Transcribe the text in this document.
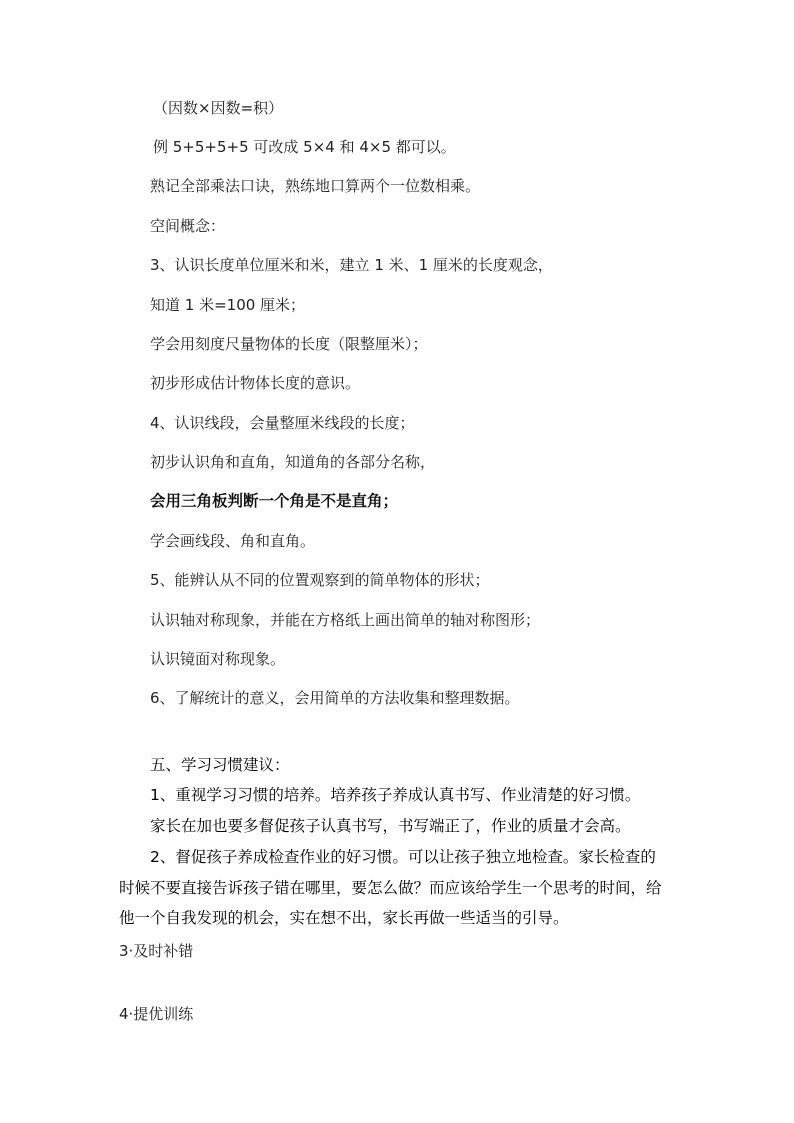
（因数×因数=积）
例 5+5+5+5 可改成 5×4 和 4×5 都可以。
熟记全部乘法口诀，熟练地口算两个一位数相乘。
空间概念：
3、认识长度单位厘米和米，建立 1 米、1 厘米的长度观念，
知道 1 米=100 厘米；
学会用刻度尺量物体的长度（限整厘米）；
初步形成估计物体长度的意识。
4、认识线段，会量整厘米线段的长度；
初步认识角和直角，知道角的各部分名称，
会用三角板判断一个角是不是直角；
学会画线段、角和直角。
5、能辨认从不同的位置观察到的简单物体的形状；
认识轴对称现象，并能在方格纸上画出简单的轴对称图形；
认识镜面对称现象。
6、了解统计的意义，会用简单的方法收集和整理数据。
五、学习习惯建议：
1、重视学习习惯的培养。培养孩子养成认真书写、作业清楚的好习惯。
家长在加也要多督促孩子认真书写，书写端正了，作业的质量才会高。
2、督促孩子养成检查作业的好习惯。可以让孩子独立地检查。家长检查的
时候不要直接告诉孩子错在哪里，要怎么做？而应该给学生一个思考的时间，给
他一个自我发现的机会，实在想不出，家长再做一些适当的引导。
3·及时补错
4·提优训练
